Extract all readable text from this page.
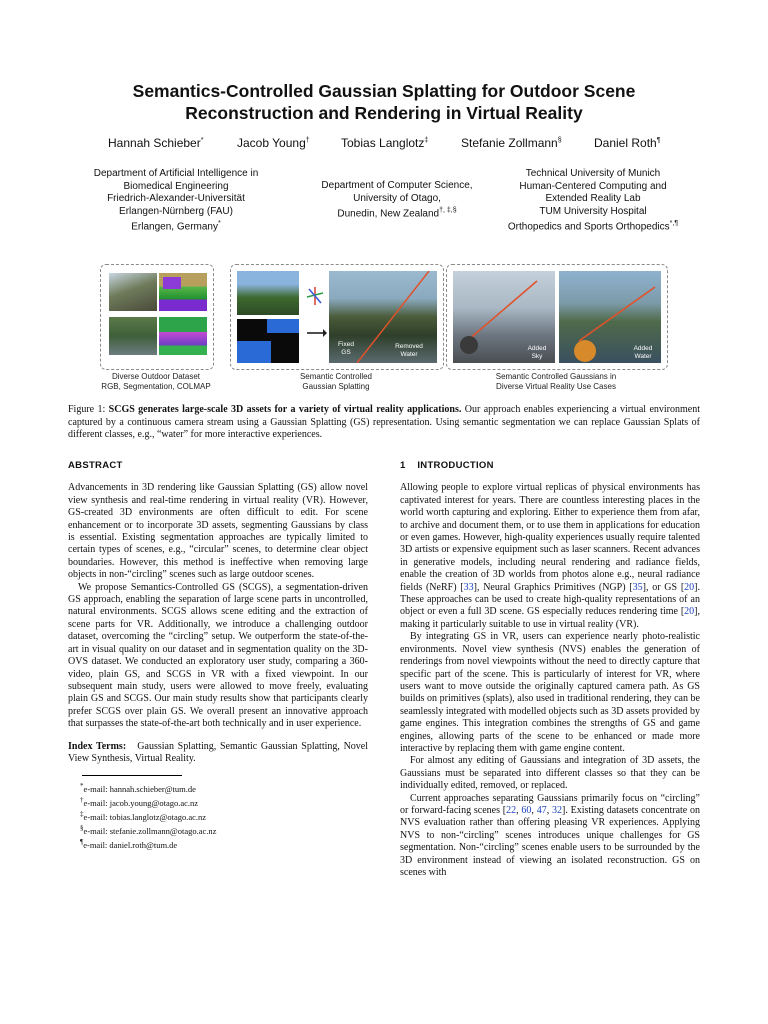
Semantics-Controlled Gaussian Splatting for Outdoor Scene
Reconstruction and Rendering in Virtual Reality
Hannah Schieber*	Jacob Young†	Tobias Langlotz‡	Stefanie Zollmann§	Daniel Roth¶
Department of Artificial Intelligence in
Biomedical Engineering
Friedrich-Alexander-Universität
Erlangen-Nürnberg (FAU)
Erlangen, Germany*
Department of Computer Science,
University of Otago,
Dunedin, New Zealand†, ‡,§
Technical University of Munich
Human-Centered Computing and
Extended Reality Lab
TUM University Hospital
Orthopedics and Sports Orthopedics*,¶
Diverse Outdoor Dataset
RGB, Segmentation, COLMAP
Fixed
GS
Removed
Water
Semantic Controlled
Gaussian Splatting
Added
Sky
Added
Water
Semantic Controlled Gaussians in
Diverse Virtual Reality Use Cases
Figure 1: SCGS generates large-scale 3D assets for a variety of virtual reality applications. Our approach enables experiencing a virtual environment captured by a continuous camera stream using a Gaussian Splatting (GS) representation. Using semantic segmentation we can replace Gaussian Splats of different classes, e.g., “water” for more interactive experiences.
ABSTRACT

Advancements in 3D rendering like Gaussian Splatting (GS) allow novel view synthesis and real-time rendering in virtual reality (VR). However, GS-created 3D environments are often difficult to edit. For scene enhancement or to incorporate 3D assets, segmenting Gaussians by class is essential. Existing segmentation approaches are typically limited to certain types of scenes, e.g., “circular” scenes, to determine clear object boundaries. However, this method is ineffective when removing large objects in non-“circling” scenes such as large outdoor scenes.

We propose Semantics-Controlled GS (SCGS), a segmentation-driven GS approach, enabling the separation of large scene parts in uncontrolled, natural environments. SCGS allows scene editing and the extraction of scene parts for VR. Additionally, we introduce a challenging outdoor dataset, overcoming the “circling” setup. We outperform the state-of-the-art in visual quality on our dataset and in segmentation quality on the 3D-OVS dataset. We conducted an exploratory user study, comparing a 360-video, plain GS, and SCGS in VR with a fixed viewpoint. In our subsequent main study, users were allowed to move freely, evaluating plain GS and SCGS. Our main study results show that participants clearly prefer SCGS over plain GS. We overall present an innovative approach that surpasses the state-of-the-art both technically and in user experience.

Index Terms: Gaussian Splatting, Semantic Gaussian Splatting, Novel View Synthesis, Virtual Reality.

*e-mail: hannah.schieber@tum.de
†e-mail: jacob.young@otago.ac.nz
‡e-mail: tobias.langlotz@otago.ac.nz
§e-mail: stefanie.zollmann@otago.ac.nz
¶e-mail: daniel.roth@tum.de
1 INTRODUCTION

Allowing people to explore virtual replicas of physical environments has captivated interest for years. There are countless interesting places in the world worth capturing and exploring. Either to experience them from afar, to archive and document them, or to use them in applications for education or even games. However, high-quality experiences usually require talented 3D artists or expensive equipment such as laser scanners. Recent advances in generative models, including neural rendering and radiance fields, enable the creation of 3D worlds from photos alone e.g., neural radiance fields (NeRF) [33], Neural Graphics Primitives (NGP) [35], or GS [20]. These approaches can be used to create high-quality representations of an object or even a full 3D scene. GS especially reduces rendering time [20], making it particularly suitable to use in virtual reality (VR).

By integrating GS in VR, users can experience nearly photo-realistic environments. Novel view synthesis (NVS) enables the generation of renderings from novel viewpoints without the need to directly capture that specific part of the scene. This is particularly of interest for VR, where users want to move outside the originally captured camera path. As GS builds on primitives (splats), also used in traditional rendering, they can be seamlessly integrated with modelled objects such as 3D assets provided by game engines. This integration combines the strengths of GS and game engines, allowing parts of the scene to be enhanced or made more interactive by replacing them with game engine content.

For almost any editing of Gaussians and integration of 3D assets, the Gaussians must be separated into different classes so that they can be individually edited, removed, or replaced.

Current approaches separating Gaussians primarily focus on “circling” or forward-facing scenes [22, 60, 47, 32]. Existing datasets concentrate on NVS evaluation rather than offering pleasing VR experiences. Applying NVS to non-“circling” scenes introduces unique challenges for GS segmentation. Non-“circling” scenes enable users to be surrounded by the 3D environment instead of viewing an isolated reconstruction. GS on scenes with
